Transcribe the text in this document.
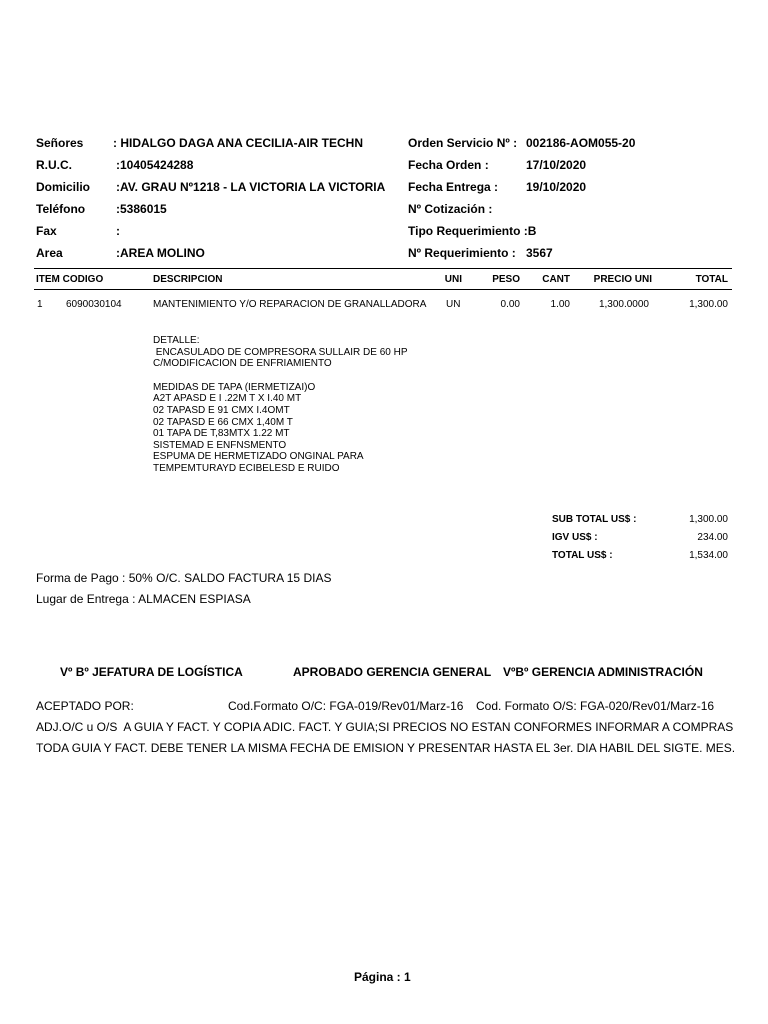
Señores : HIDALGO DAGA ANA CECILIA-AIR TECHN
R.U.C.	:10405424288
Domicilio :AV. GRAU Nº1218 - LA VICTORIA LA VICTORIA
Teléfono	:5386015
Fax	:
Area	:AREA MOLINO
Orden Servicio Nº : 002186-AOM055-20
Fecha Orden :	17/10/2020
Fecha Entrega : 19/10/2020
Nº Cotización :
Tipo Requerimiento :B
Nº Requerimiento : 3567
ITEM CODIGO	DESCRIPCION	UNI	PESO	CANT	PRECIO UNI	TOTAL
1 6090030104	MANTENIMIENTO Y/O REPARACION DE GRANALLADORA UN	0.00	1.00	1,300.0000	1,300.00
DETALLE:
ENCASULADO DE COMPRESORA SULLAIR DE 60 HP
C/MODIFICACION DE ENFRIAMIENTO
MEDIDAS DE TAPA (IERMETIZAI)O
A2T APASD E I .22M T X I.40 MT
02 TAPASD E 91 CMX I.4OMT
02 TAPASD E 66 CMX 1,40M T
01 TAPA DE T,83MTX 1.22 MT
SISTEMAD E ENFNSMENTO
ESPUMA DE HERMETIZADO ONGINAL PARA
TEMPEMTURAYD ECIBELESD E RUIDO
SUB TOTAL US$ :	1,300.00
IGV US$ :	234.00
TOTAL US$ :	1,534.00
Forma de Pago : 50% O/C. SALDO FACTURA 15 DIAS
Lugar de Entrega : ALMACEN ESPIASA
Vº Bº JEFATURA DE LOGÍSTICA	APROBADO GERENCIA GENERAL VºBº GERENCIA ADMINISTRACIÓN
ACEPTADO POR:	Cod.Formato O/C: FGA-019/Rev01/Marz-16 Cod. Formato O/S: FGA-020/Rev01/Marz-16
ADJ.O/C u O/S  A GUIA Y FACT. Y COPIA ADIC. FACT. Y GUIA;SI PRECIOS NO ESTAN CONFORMES INFORMAR A COMPRAS
TODA GUIA Y FACT. DEBE TENER LA MISMA FECHA DE EMISION Y PRESENTAR HASTA EL 3er. DIA HABIL DEL SIGTE. MES.
Página : 1
